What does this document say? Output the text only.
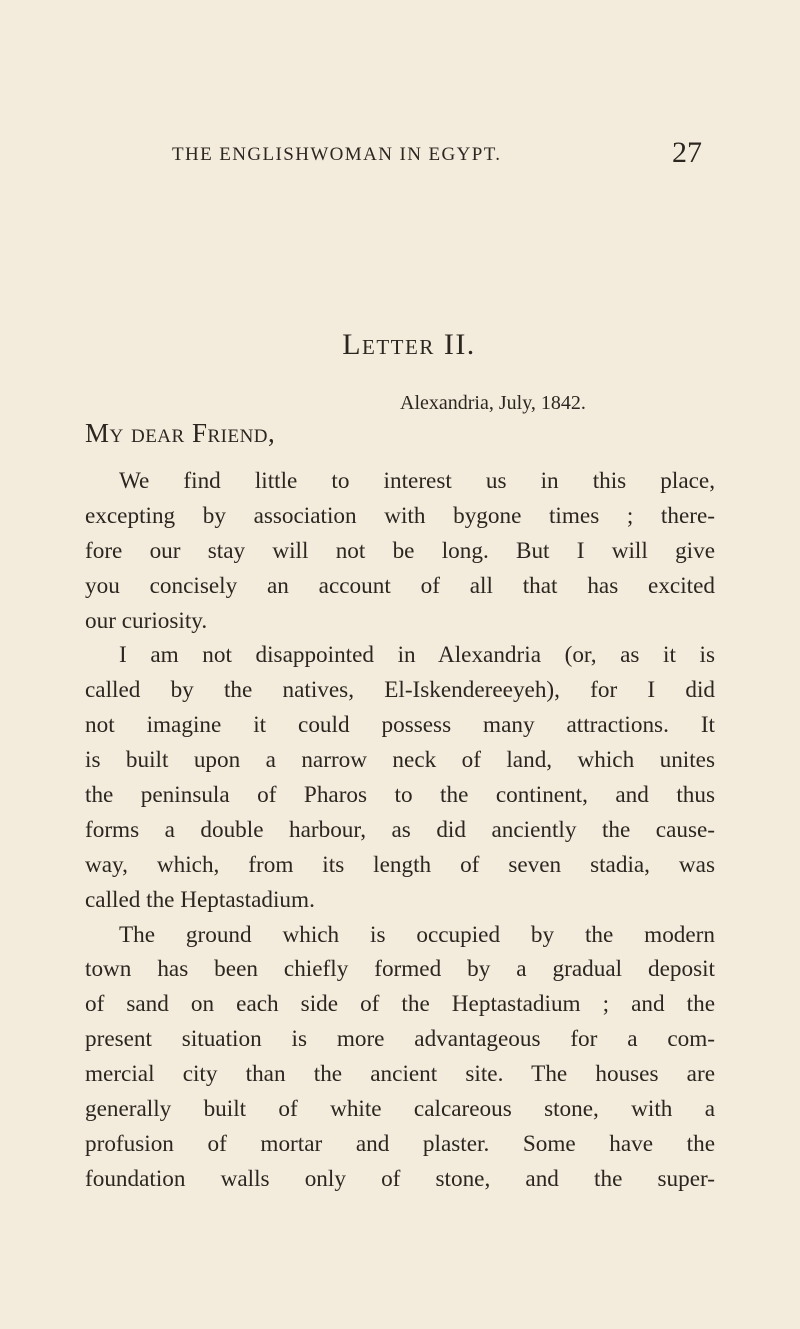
THE ENGLISHWOMAN IN EGYPT.	27
Letter II.
Alexandria, July, 1842.
My dear Friend,
We find little to interest us in this place,
excepting by association with bygone times ; there-
fore our stay will not be long. But I will give
you concisely an account of all that has excited
our curiosity.
I am not disappointed in Alexandria (or, as it is
called by the natives, El-Iskendereeyeh), for I did
not imagine it could possess many attractions. It
is built upon a narrow neck of land, which unites
the peninsula of Pharos to the continent, and thus
forms a double harbour, as did anciently the cause-
way, which, from its length of seven stadia, was
called the Heptastadium.
The ground which is occupied by the modern
town has been chiefly formed by a gradual deposit
of sand on each side of the Heptastadium ; and the
present situation is more advantageous for a com-
mercial city than the ancient site. The houses are
generally built of white calcareous stone, with a
profusion of mortar and plaster. Some have the
foundation walls only of stone, and the super-
